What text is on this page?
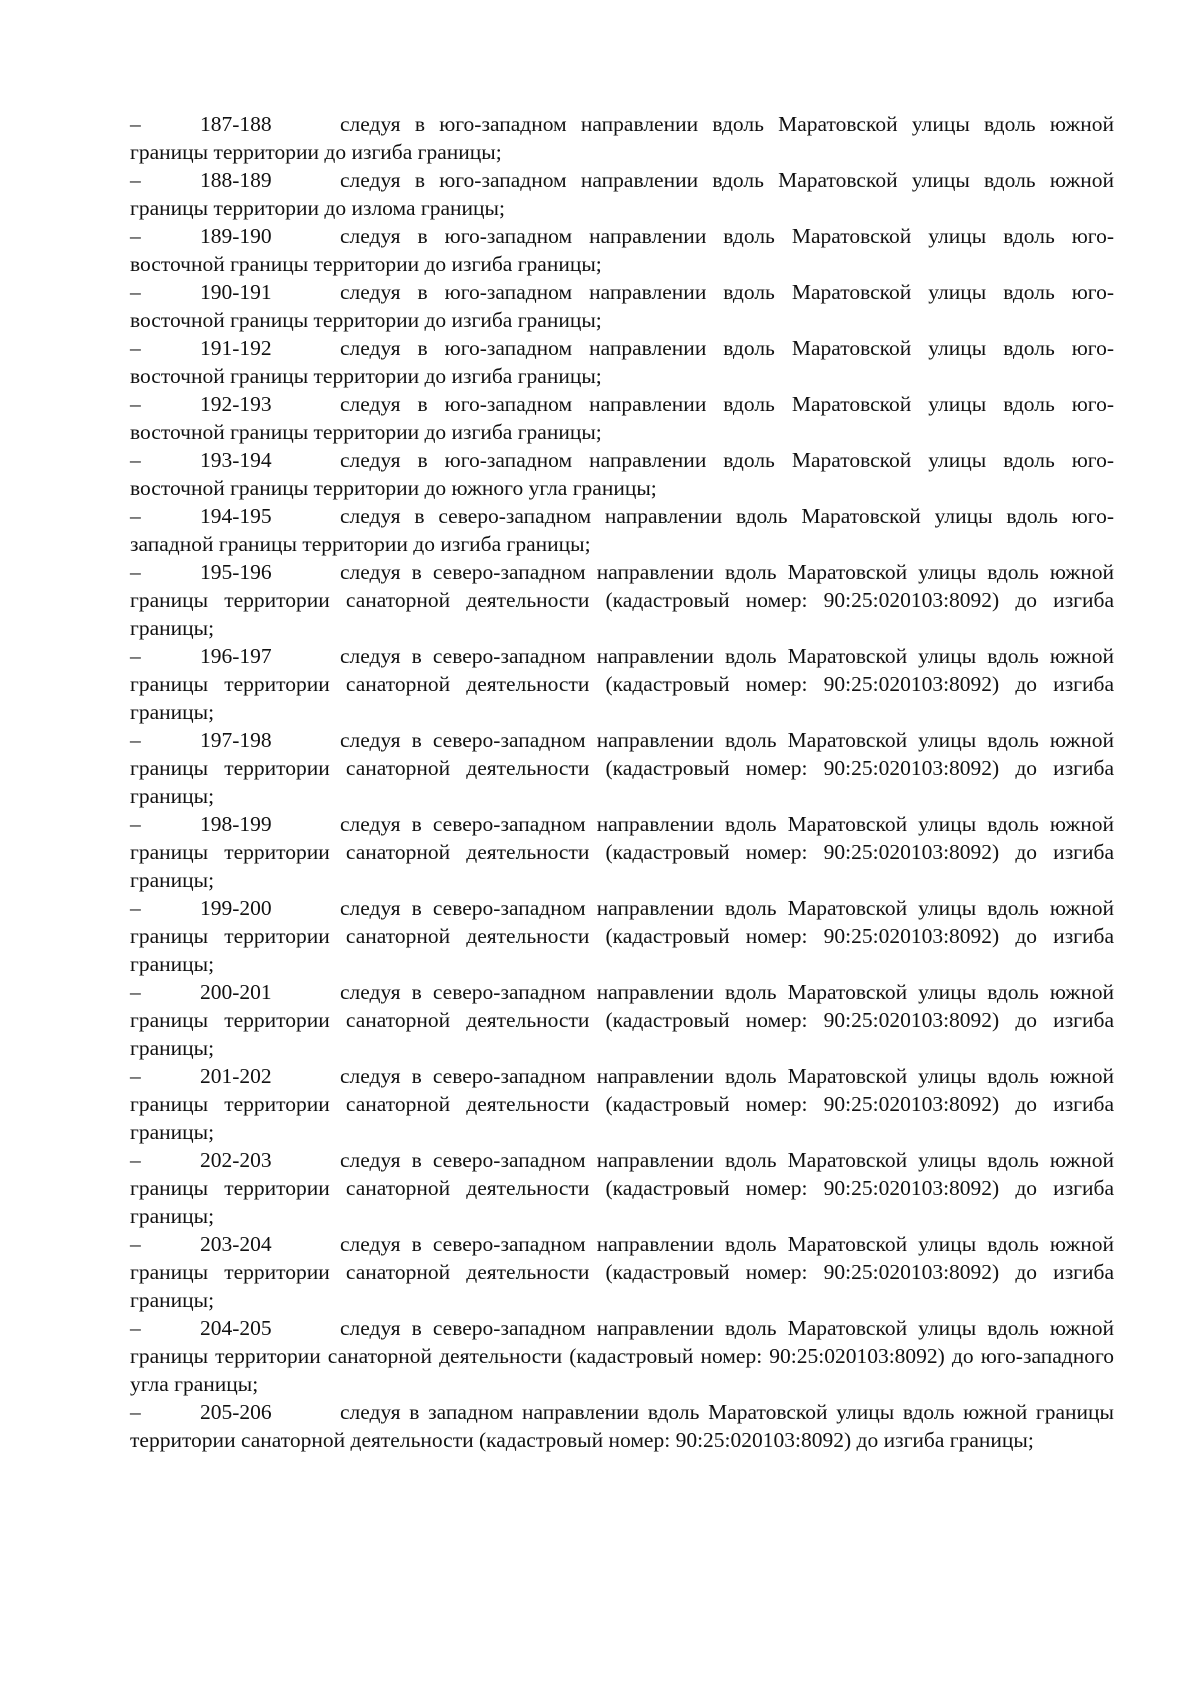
–	187-188	следуя в юго-западном направлении вдоль Маратовской улицы вдоль южной границы территории до изгиба границы;

–	188-189	следуя в юго-западном направлении вдоль Маратовской улицы вдоль южной границы территории до излома границы;

–	189-190	следуя в юго-западном направлении вдоль Маратовской улицы вдоль юго-восточной границы территории до изгиба границы;

–	190-191	следуя в юго-западном направлении вдоль Маратовской улицы вдоль юго-восточной границы территории до изгиба границы;

–	191-192	следуя в юго-западном направлении вдоль Маратовской улицы вдоль юго-восточной границы территории до изгиба границы;

–	192-193	следуя в юго-западном направлении вдоль Маратовской улицы вдоль юго-восточной границы территории до изгиба границы;

–	193-194	следуя в юго-западном направлении вдоль Маратовской улицы вдоль юго-восточной границы территории до южного угла границы;

–	194-195	следуя в северо-западном направлении вдоль Маратовской улицы вдоль юго-западной границы территории до изгиба границы;

–	195-196	следуя в северо-западном направлении вдоль Маратовской улицы вдоль южной границы территории санаторной деятельности (кадастровый номер: 90:25:020103:8092) до изгиба границы;

–	196-197	следуя в северо-западном направлении вдоль Маратовской улицы вдоль южной границы территории санаторной деятельности (кадастровый номер: 90:25:020103:8092) до изгиба границы;

–	197-198	следуя в северо-западном направлении вдоль Маратовской улицы вдоль южной границы территории санаторной деятельности (кадастровый номер: 90:25:020103:8092) до изгиба границы;

–	198-199	следуя в северо-западном направлении вдоль Маратовской улицы вдоль южной границы территории санаторной деятельности (кадастровый номер: 90:25:020103:8092) до изгиба границы;

–	199-200	следуя в северо-западном направлении вдоль Маратовской улицы вдоль южной границы территории санаторной деятельности (кадастровый номер: 90:25:020103:8092) до изгиба границы;

–	200-201	следуя в северо-западном направлении вдоль Маратовской улицы вдоль южной границы территории санаторной деятельности (кадастровый номер: 90:25:020103:8092) до изгиба границы;

–	201-202	следуя в северо-западном направлении вдоль Маратовской улицы вдоль южной границы территории санаторной деятельности (кадастровый номер: 90:25:020103:8092) до изгиба границы;

–	202-203	следуя в северо-западном направлении вдоль Маратовской улицы вдоль южной границы территории санаторной деятельности (кадастровый номер: 90:25:020103:8092) до изгиба границы;

–	203-204	следуя в северо-западном направлении вдоль Маратовской улицы вдоль южной границы территории санаторной деятельности (кадастровый номер: 90:25:020103:8092) до изгиба границы;

–	204-205	следуя в северо-западном направлении вдоль Маратовской улицы вдоль южной границы территории санаторной деятельности (кадастровый номер: 90:25:020103:8092) до юго-западного угла границы;

–	205-206	следуя в западном направлении вдоль Маратовской улицы вдоль южной границы территории санаторной деятельности (кадастровый номер: 90:25:020103:8092) до изгиба границы;
